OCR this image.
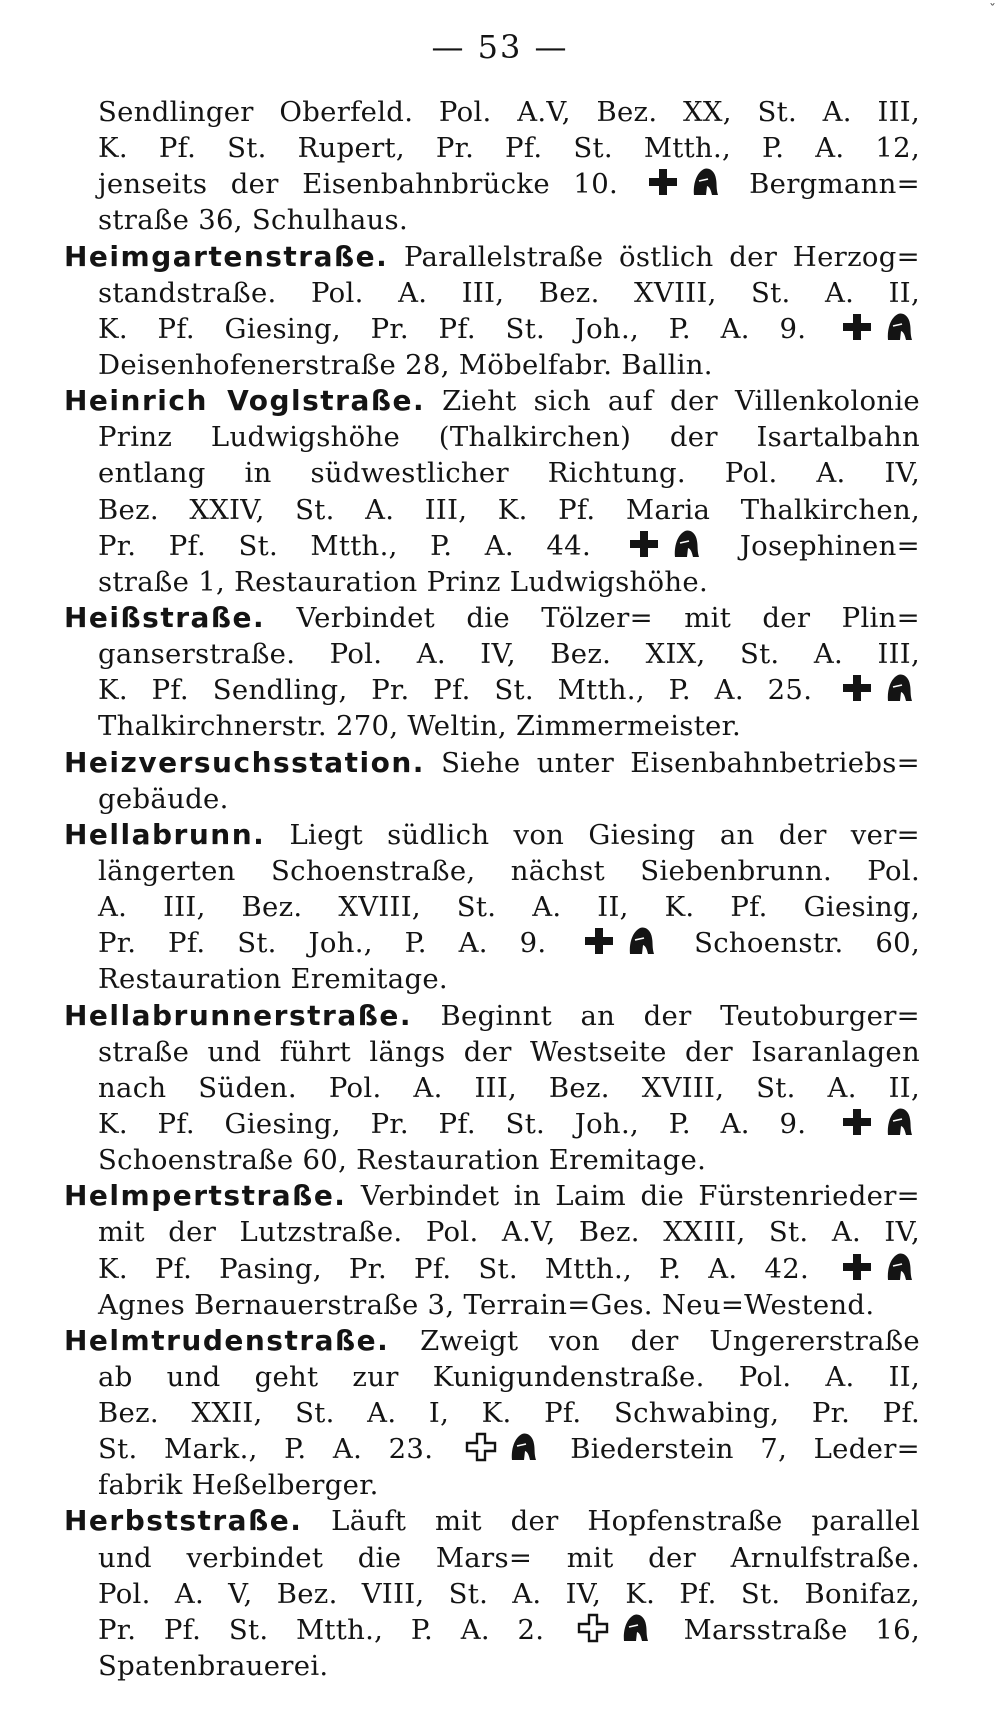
ˇ
— 53 —
Sendlinger Oberfeld. Pol. A.V, Bez. XX, St. A. III,
K. Pf. St. Rupert, Pr. Pf. St. Mtth., P. A. 12,
jenseits der Eisenbahnbrücke 10.	Bergmann=
straße 36, Schulhaus.
Heimgartenstraße. Parallelstraße östlich der Herzog=
standstraße. Pol. A. III, Bez. XVIII, St. A. II,
K. Pf. Giesing, Pr. Pf. St. Joh., P. A. 9.
Deisenhofenerstraße 28, Möbelfabr. Ballin.
Heinrich Voglstraße. Zieht sich auf der Villenkolonie
Prinz Ludwigshöhe (Thalkirchen) der Isartalbahn
entlang in südwestlicher Richtung. Pol. A. IV,
Bez. XXIV, St. A. III, K. Pf. Maria Thalkirchen,
Pr. Pf. St. Mtth., P. A. 44.	Josephinen=
straße 1, Restauration Prinz Ludwigshöhe.
Heißstraße. Verbindet die Tölzer= mit der Plin=
ganserstraße. Pol. A. IV, Bez. XIX, St. A. III,
K. Pf. Sendling, Pr. Pf. St. Mtth., P. A. 25.
Thalkirchnerstr. 270, Weltin, Zimmermeister.
Heizversuchsstation. Siehe unter Eisenbahnbetriebs=
gebäude.
Hellabrunn. Liegt südlich von Giesing an der ver=
längerten Schoenstraße, nächst Siebenbrunn. Pol.
A. III, Bez. XVIII, St. A. II, K. Pf. Giesing,
Pr. Pf. St. Joh., P. A. 9.	Schoenstr. 60,
Restauration Eremitage.
Hellabrunnerstraße. Beginnt an der Teutoburger=
straße und führt längs der Westseite der Isaranlagen
nach Süden. Pol. A. III, Bez. XVIII, St. A. II,
K. Pf. Giesing, Pr. Pf. St. Joh., P. A. 9.
Schoenstraße 60, Restauration Eremitage.
Helmpertstraße. Verbindet in Laim die Fürstenrieder=
mit der Lutzstraße. Pol. A.V, Bez. XXIII, St. A. IV,
K. Pf. Pasing, Pr. Pf. St. Mtth., P. A. 42.
Agnes Bernauerstraße 3, Terrain=Ges. Neu=Westend.
Helmtrudenstraße. Zweigt von der Ungererstraße
ab und geht zur Kunigundenstraße. Pol. A. II,
Bez. XXII, St. A. I, K. Pf. Schwabing, Pr. Pf.
St. Mark., P. A. 23.	Biederstein 7, Leder=
fabrik Heßelberger.
Herbststraße. Läuft mit der Hopfenstraße parallel
und verbindet die Mars= mit der Arnulfstraße.
Pol. A. V, Bez. VIII, St. A. IV, K. Pf. St. Bonifaz,
Pr. Pf. St. Mtth., P. A. 2.	Marsstraße 16,
Spatenbrauerei.
